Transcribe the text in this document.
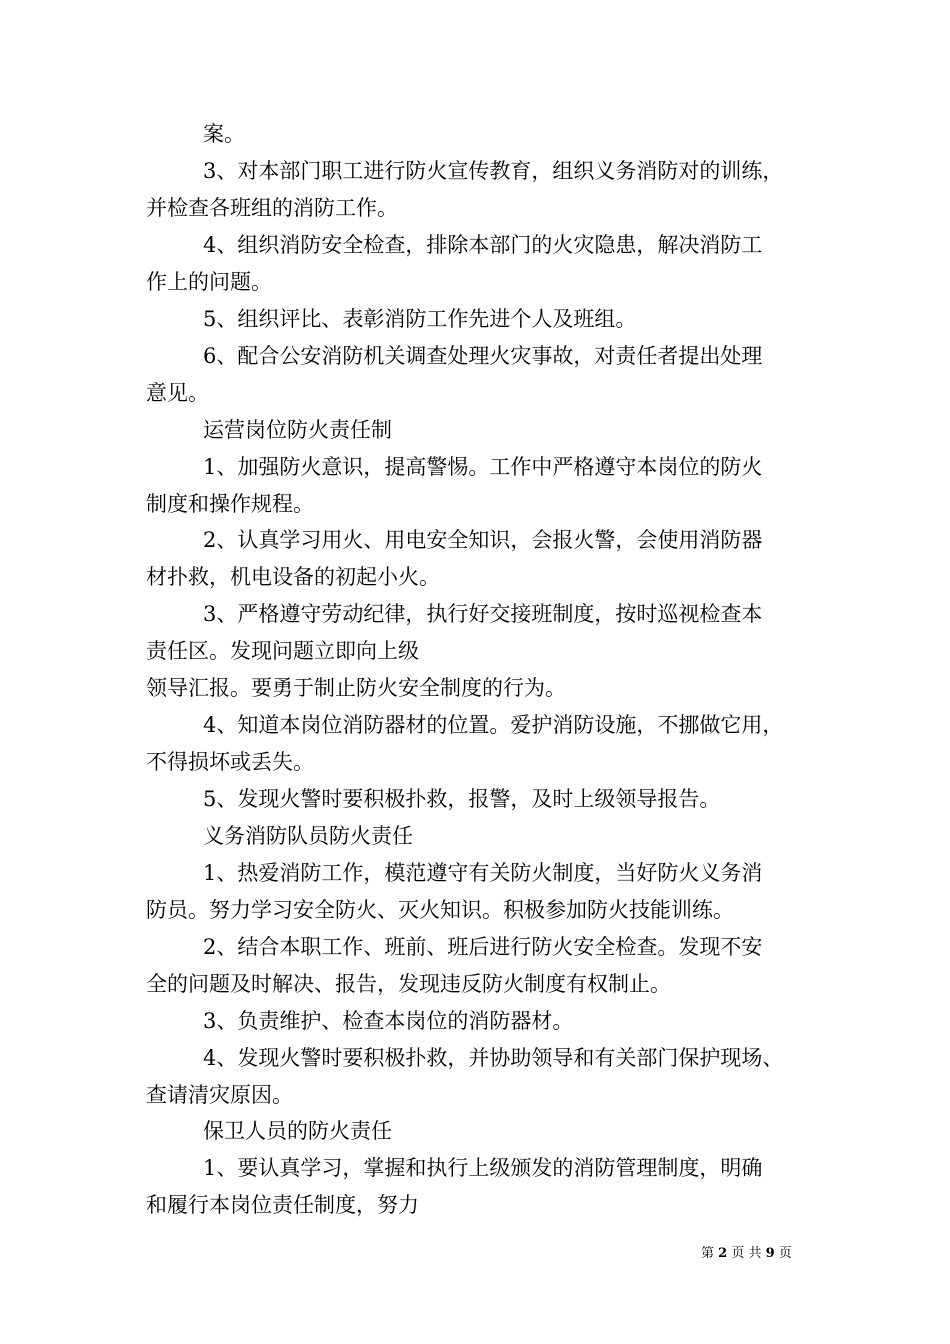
案。
3、对本部门职工进行防火宣传教育，组织义务消防对的训练，
并检查各班组的消防工作。
4、组织消防安全检查，排除本部门的火灾隐患，解决消防工
作上的问题。
5、组织评比、表彰消防工作先进个人及班组。
6、配合公安消防机关调查处理火灾事故，对责任者提出处理
意见。
运营岗位防火责任制
1、加强防火意识，提高警惕。工作中严格遵守本岗位的防火
制度和操作规程。
2、认真学习用火、用电安全知识，会报火警，会使用消防器
材扑救，机电设备的初起小火。
3、严格遵守劳动纪律，执行好交接班制度，按时巡视检查本
责任区。发现问题立即向上级
领导汇报。要勇于制止防火安全制度的行为。
4、知道本岗位消防器材的位置。爱护消防设施，不挪做它用，
不得损坏或丢失。
5、发现火警时要积极扑救，报警，及时上级领导报告。
义务消防队员防火责任
1、热爱消防工作，模范遵守有关防火制度，当好防火义务消
防员。努力学习安全防火、灭火知识。积极参加防火技能训练。
2、结合本职工作、班前、班后进行防火安全检查。发现不安
全的问题及时解决、报告，发现违反防火制度有权制止。
3、负责维护、检查本岗位的消防器材。
4、发现火警时要积极扑救，并协助领导和有关部门保护现场、
查请清灾原因。
保卫人员的防火责任
1、要认真学习，掌握和执行上级颁发的消防管理制度，明确
和履行本岗位责任制度，努力
第 2 页 共 9 页
